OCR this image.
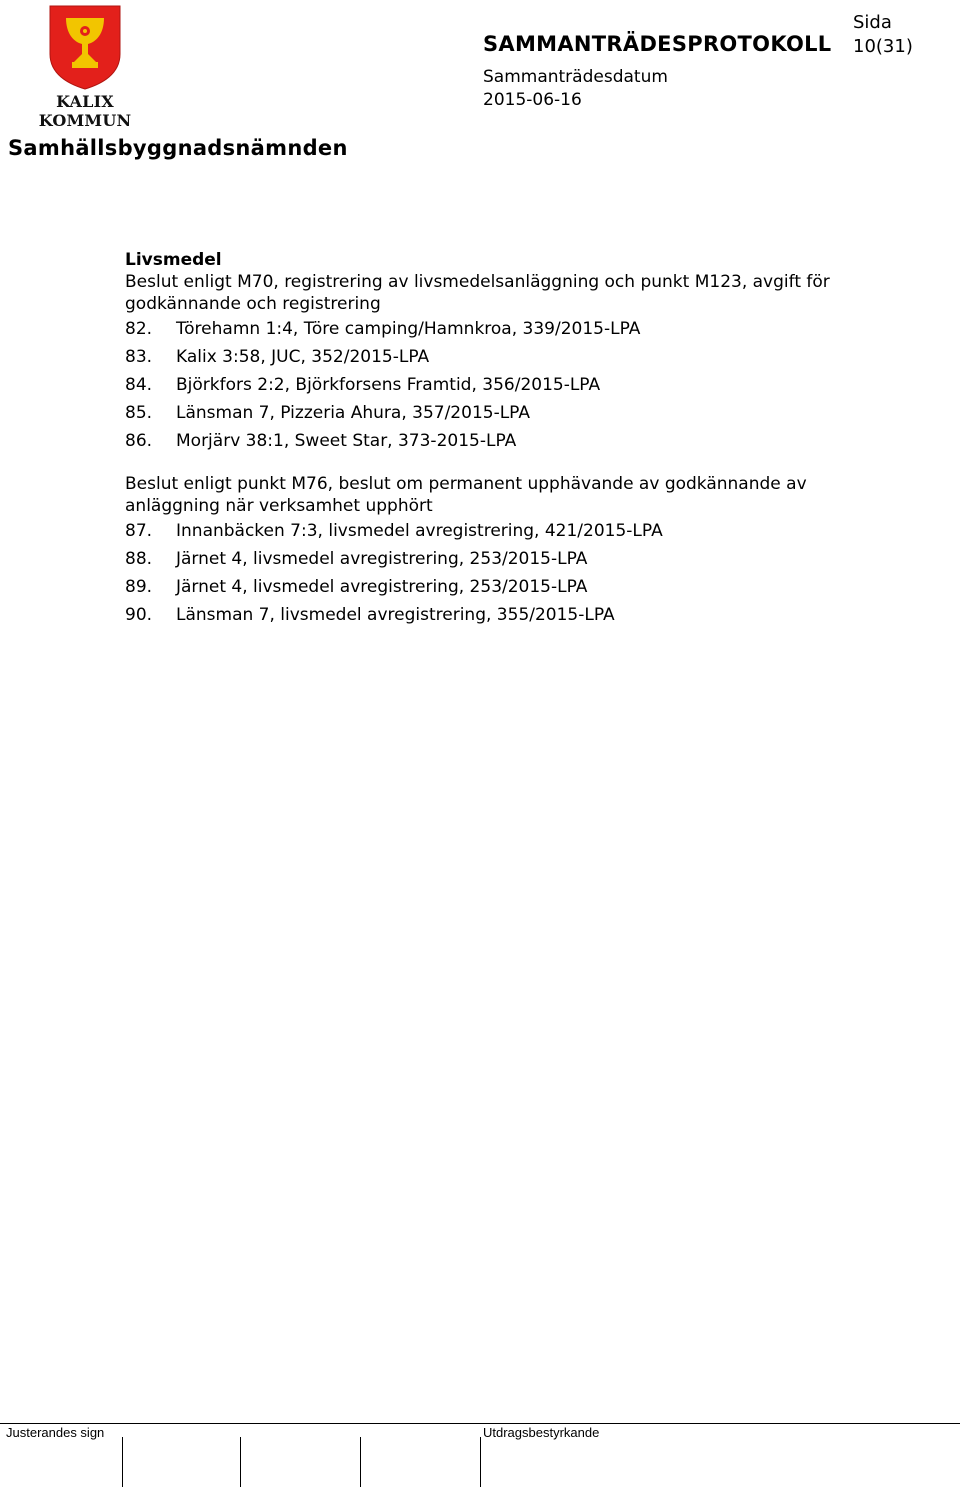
KALIX KOMMUN
SAMMANTRÄDESPROTOKOLL
Sida
10(31)
Sammanträdesdatum
2015-06-16
Samhällsbyggnadsnämnden
Livsmedel
Beslut enligt M70, registrering av livsmedelsanläggning och punkt M123, avgift för godkännande och registrering
82.	Törehamn 1:4, Töre camping/Hamnkroa, 339/2015-LPA
83.	Kalix 3:58, JUC, 352/2015-LPA
84.	Björkfors 2:2, Björkforsens Framtid, 356/2015-LPA
85.	Länsman 7, Pizzeria Ahura, 357/2015-LPA
86.	Morjärv 38:1, Sweet Star, 373-2015-LPA
Beslut enligt punkt M76, beslut om permanent upphävande av godkännande av anläggning när verksamhet upphört
87.	Innanbäcken 7:3, livsmedel avregistrering, 421/2015-LPA
88.	Järnet 4, livsmedel avregistrering, 253/2015-LPA
89.	Järnet 4, livsmedel avregistrering, 253/2015-LPA
90.	Länsman 7, livsmedel avregistrering, 355/2015-LPA
Justerandes sign	Utdragsbestyrkande
